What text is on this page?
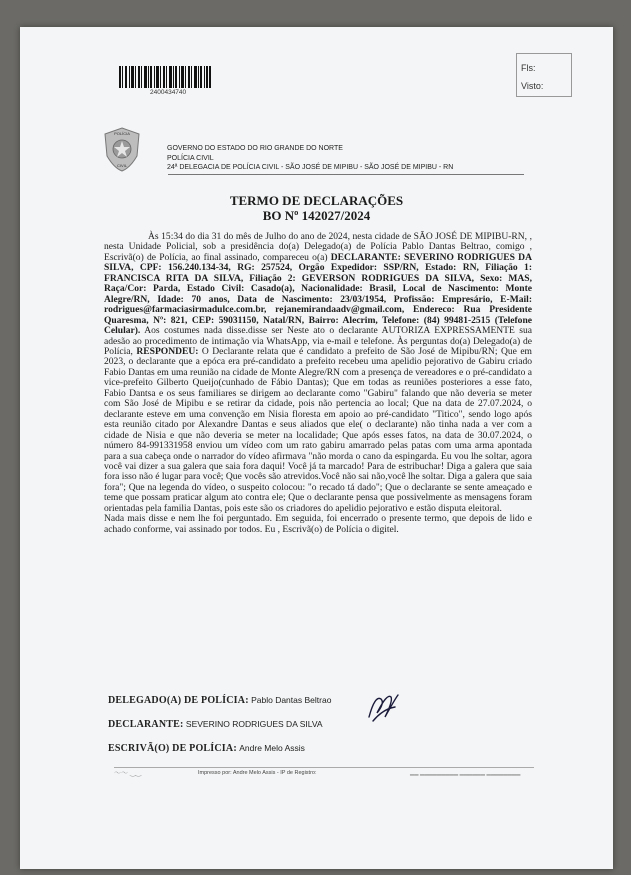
2400434740
Fls:
Visto:
POLÍCIA
CIVIL
GOVERNO DO ESTADO DO RIO GRANDE DO NORTE
POLÍCIA CIVIL
24ª DELEGACIA DE POLÍCIA CIVIL - SÃO JOSÉ DE MIPIBU - SÃO JOSÉ DE MIPIBU - RN
TERMO DE DECLARAÇÕES
BO Nº 142027/2024
Às 15:34 do dia 31 do mês de Julho do ano de 2024, nesta cidade de SÃO JOSÉ DE MIPIBU-RN, , nesta Unidade Policial, sob a presidência do(a) Delegado(a) de Polícia Pablo Dantas Beltrao, comigo , Escrivã(o) de Polícia, ao final assinado, compareceu o(a) DECLARANTE: SEVERINO RODRIGUES DA SILVA, CPF: 156.240.134-34, RG: 257524, Orgão Expedidor: SSP/RN, Estado: RN, Filiação 1: FRANCISCA RITA DA SILVA, Filiação 2: GEVERSON RODRIGUES DA SILVA, Sexo: MAS, Raça/Cor: Parda, Estado Civil: Casado(a), Nacionalidade: Brasil, Local de Nascimento: Monte Alegre/RN, Idade: 70 anos, Data de Nascimento: 23/03/1954, Profissão: Empresário, E-Mail: rodrigues@farmaciasirmadulce.com.br, rejanemirandaadv@gmail.com, Endereco: Rua Presidente Quaresma, Nº: 821, CEP: 59031150, Natal/RN, Bairro: Alecrim, Telefone: (84) 99481-2515 (Telefone Celular). Aos costumes nada disse.disse ser Neste ato o declarante AUTORIZA EXPRESSAMENTE sua adesão ao procedimento de intimação via WhatsApp, via e-mail e telefone. Às perguntas do(a) Delegado(a) de Polícia, RESPONDEU: O Declarante relata que é candidato a prefeito de São José de Mipibu/RN; Que em 2023, o declarante que a epóca era pré-candidato a prefeito recebeu uma apelidio pejorativo de Gabiru criado Fabio Dantas em uma reunião na cidade de Monte Alegre/RN com a presença de vereadores e o pré-candidato a vice-prefeito Gilberto Queijo(cunhado de Fábio Dantas); Que em todas as reuniões posteriores a esse fato, Fabio Dantsa e os seus familiares se dirigem ao declarante como "Gabiru" falando que não deveria se meter com São José de Mipibu e se retirar da cidade, pois não pertencia ao local; Que na data de 27.07.2024, o declarante esteve em uma convenção em Nisia floresta em apoio ao pré-candidato "Titico", sendo logo após esta reunião citado por Alexandre Dantas e seus aliados que ele( o declarante) não tinha nada a ver com a cidade de Nisia e que não deveria se meter na localidade; Que após esses fatos, na data de 30.07.2024, o número 84-991331958 enviou um vídeo com um rato gabiru amarrado pelas patas com uma arma apontada para a sua cabeça onde o narrador do vídeo afirmava "não morda o cano da espingarda. Eu vou lhe soltar, agora você vai dizer a sua galera que saia fora daqui! Você já ta marcado! Para de estribuchar! Diga a galera que saia fora isso não é lugar para você; Que vocês são atrevidos.Você não sai não,você lhe soltar. Diga a galera que saia fora"; Que na legenda do vídeo, o suspeito colocou: "o recado tá dado"; Que o declarante se sente ameaçado e teme que possam praticar algum ato contra ele; Que o declarante pensa que possivelmente as mensagens foram orientadas pela familia Dantas, pois este são os criadores do apelidio pejorativo e estão disputa eleitoral.
Nada mais disse e nem lhe foi perguntado. Em seguida, foi encerrado o presente termo, que depois de lido e achado conforme, vai assinado por todos. Eu , Escrivã(o) de Polícia o digitel.
DELEGADO(A) DE POLÍCIA: Pablo Dantas Beltrao
DECLARANTE: SEVERINO RODRIGUES DA SILVA
ESCRIVÃ(O) DE POLÍCIA: Andre Melo Assis
～～ ‿‿	Impresso por: Andre Melo Assis - IP de Registro:	▁▁ ▁▁▁▁▁▁▁▁▁ ▁▁▁▁▁▁ ▁▁▁▁▁▁▁▁
